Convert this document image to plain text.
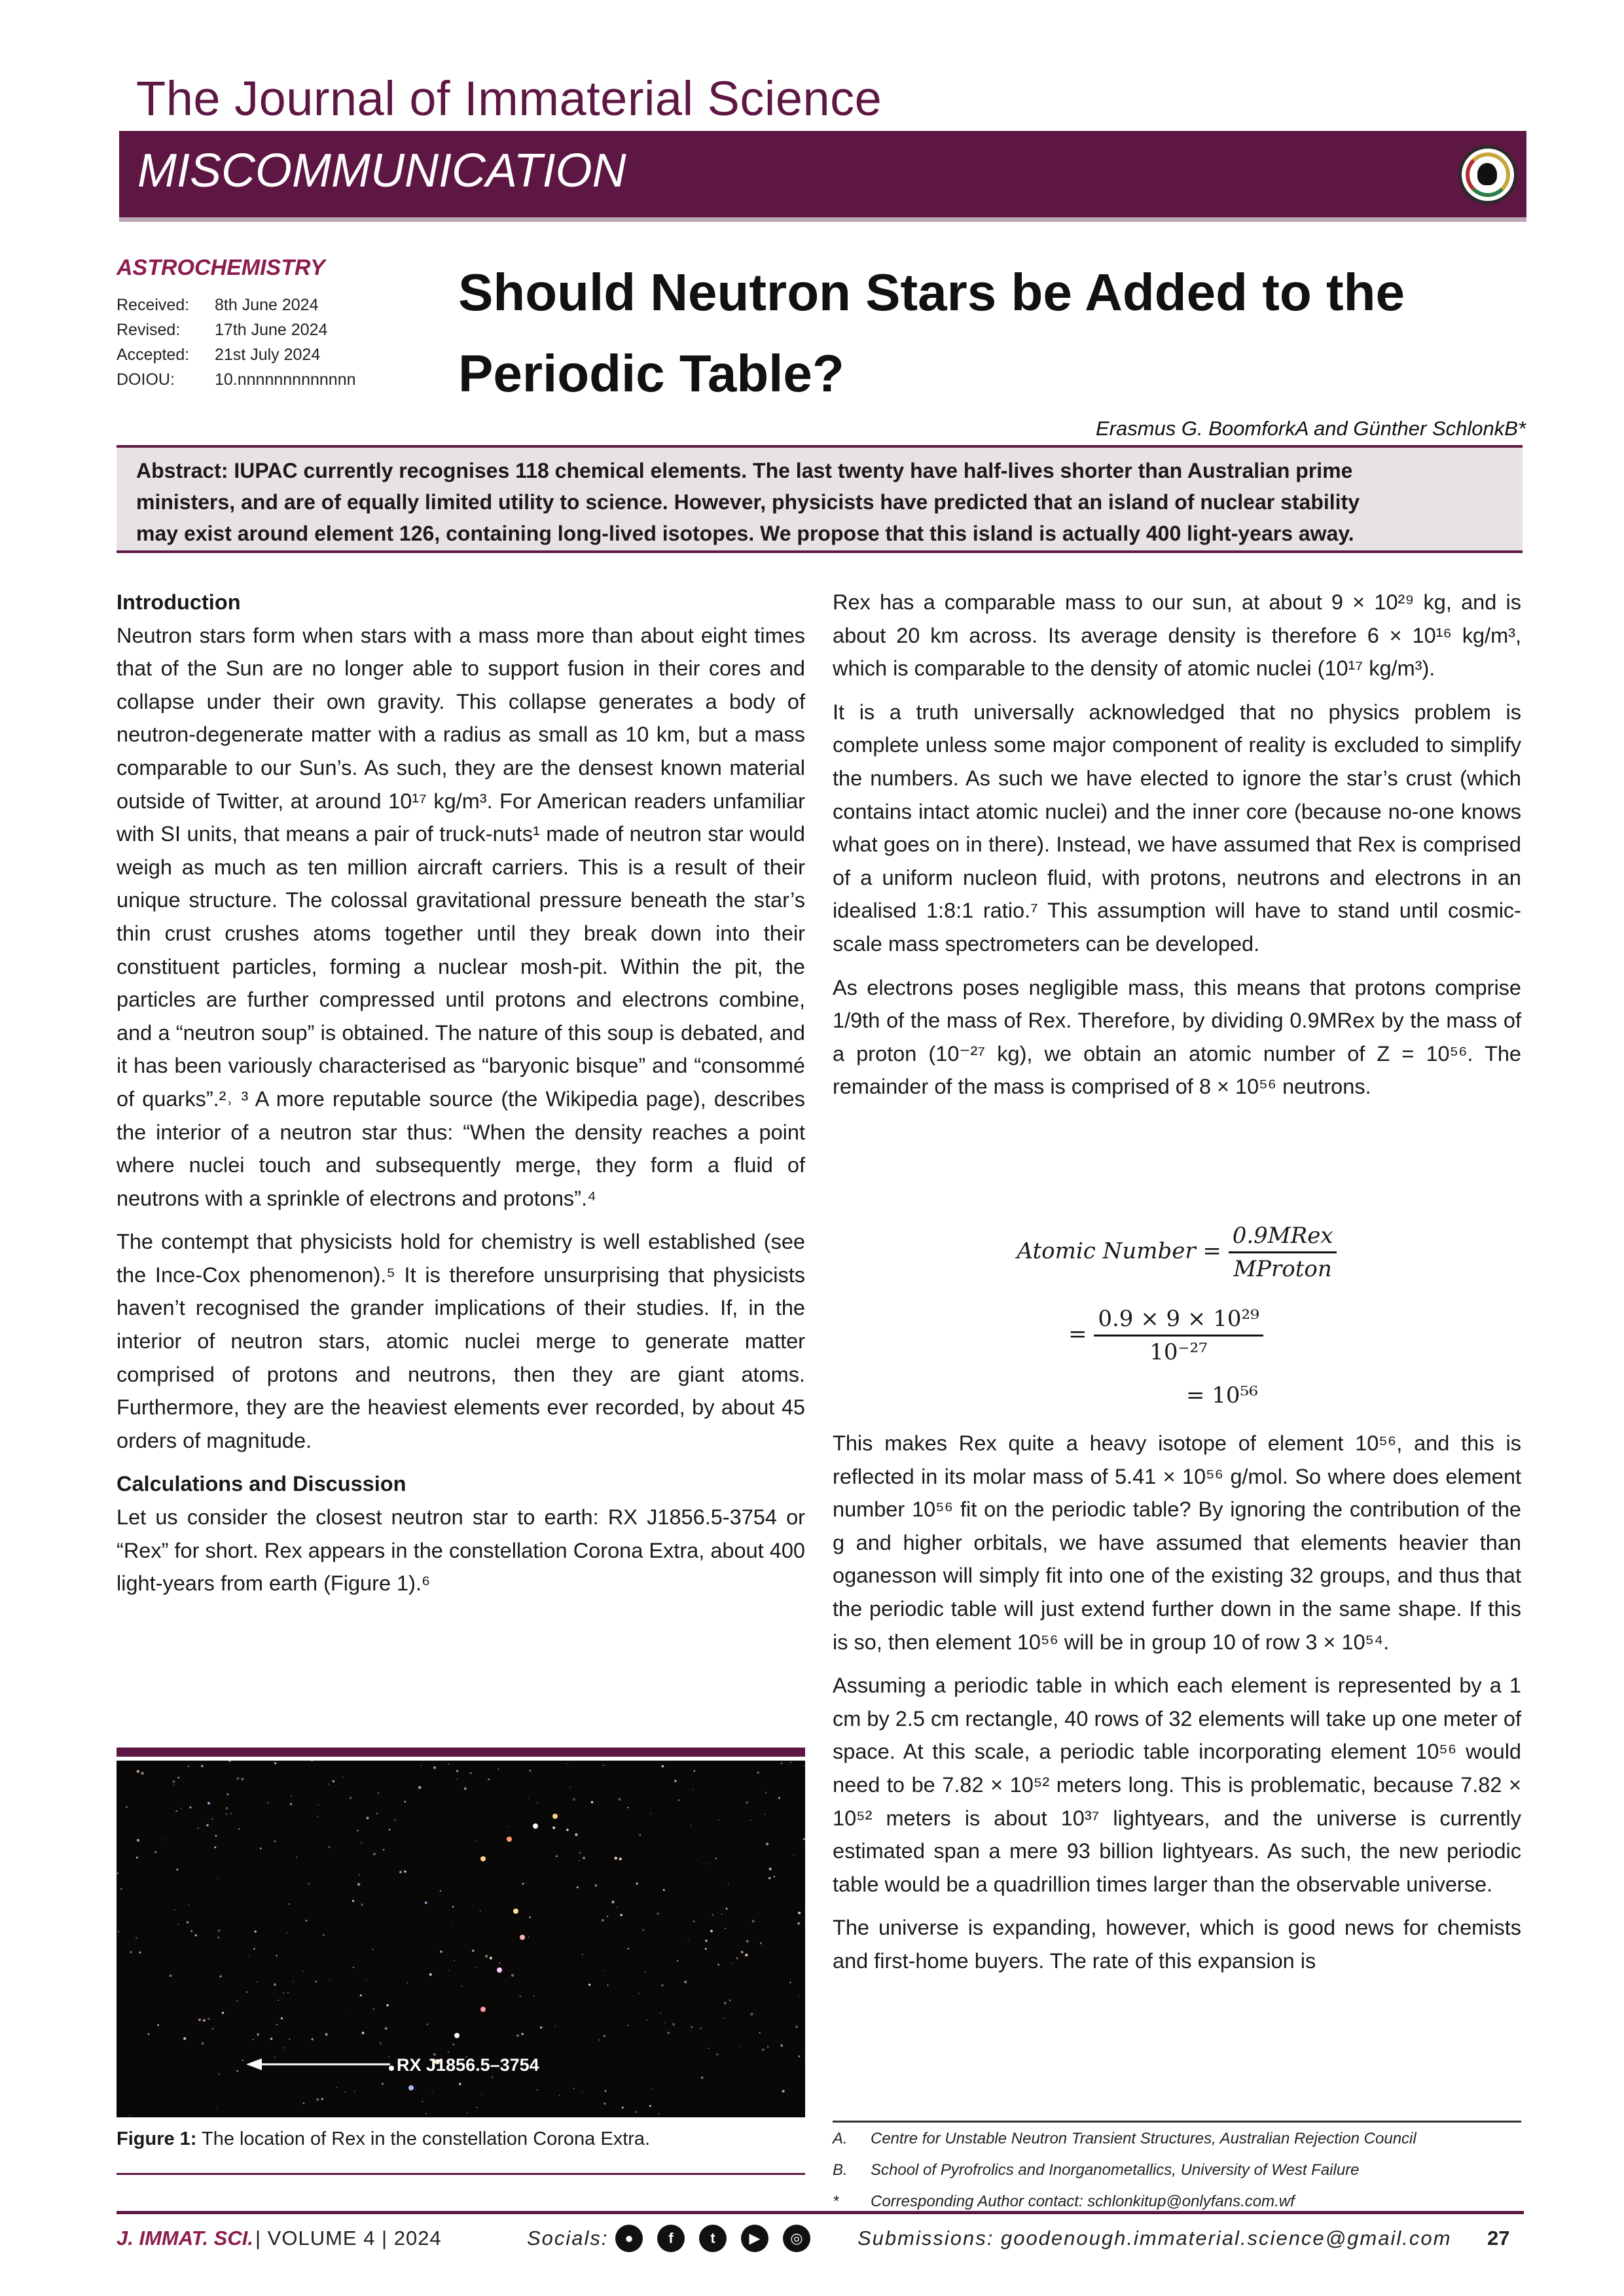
The Journal of Immaterial Science
MISCOMMUNICATION
ASTROCHEMISTRY
Received: 8th June 2024
Revised: 17th June 2024
Accepted: 21st July 2024
DOIOU: 10.nnnnnnnnnnnnn
Should Neutron Stars be Added to the Periodic Table?
Erasmus G. BoomforkA and Günther SchlonkB*
Abstract: IUPAC currently recognises 118 chemical elements. The last twenty have half-lives shorter than Australian prime
ministers, and are of equally limited utility to science. However, physicists have predicted that an island of nuclear stability
may exist around element 126, containing long-lived isotopes. We propose that this island is actually 400 light-years away.

Introduction

Neutron stars form when stars with a mass more than about eight times that of the Sun are no longer able to support fusion in their cores and collapse under their own gravity. This collapse generates a body of neutron-degenerate matter with a radius as small as 10 km, but a mass comparable to our Sun’s. As such, they are the densest known material outside of Twitter, at around 10¹⁷ kg/m³. For American readers unfamiliar with SI units, that means a pair of truck-nuts¹ made of neutron star would weigh as much as ten million aircraft carriers. This is a result of their unique structure. The colossal gravitational pressure beneath the star’s thin crust crushes atoms together until they break down into their constituent particles, forming a nuclear mosh-pit. Within the pit, the particles are further compressed until protons and electrons combine, and a “neutron soup” is obtained. The nature of this soup is debated, and it has been variously characterised as “baryonic bisque” and “consommé of quarks”.²˒ ³ A more reputable source (the Wikipedia page), describes the interior of a neutron star thus: “When the density reaches a point where nuclei touch and subsequently merge, they form a fluid of neutrons with a sprinkle of electrons and protons”.⁴

The contempt that physicists hold for chemistry is well established (see the Ince-Cox phenomenon).⁵ It is therefore unsurprising that physicists haven’t recognised the grander implications of their studies. If, in the interior of neutron stars, atomic nuclei merge to generate matter comprised of protons and neutrons, then they are giant atoms. Furthermore, they are the heaviest elements ever recorded, by about 45 orders of magnitude.

Calculations and Discussion

Let us consider the closest neutron star to earth: RX J1856.5-3754 or “Rex” for short. Rex appears in the constellation Corona Extra, about 400 light-years from earth (Figure 1).⁶

RX J1856.5–3754
Figure 1: The location of Rex in the constellation Corona Extra.

Rex has a comparable mass to our sun, at about 9 × 10²⁹ kg, and is about 20 km across. Its average density is therefore 6 × 10¹⁶ kg/m³, which is comparable to the density of atomic nuclei (10¹⁷ kg/m³).

It is a truth universally acknowledged that no physics problem is complete unless some major component of reality is excluded to simplify the numbers. As such we have elected to ignore the star’s crust (which contains intact atomic nuclei) and the inner core (because no-one knows what goes on in there). Instead, we have assumed that Rex is comprised of a uniform nucleon fluid, with protons, neutrons and electrons in an idealised 1:8:1 ratio.⁷ This assumption will have to stand until cosmic-scale mass spectrometers can be developed.

As electrons poses negligible mass, this means that protons comprise 1/9th of the mass of Rex. Therefore, by dividing 0.9MRex by the mass of a proton (10⁻²⁷ kg), we obtain an atomic number of Z = 10⁵⁶. The remainder of the mass is comprised of 8 × 10⁵⁶ neutrons.

Atomic Number = $\frac{\text{0.9MRex}}{\text{MProton}}$
= $\frac{\text{0.9 × 9 × 10²⁹}}{\text{10⁻²⁷}}$
= 10⁵⁶

This makes Rex quite a heavy isotope of element 10⁵⁶, and this is reflected in its molar mass of 5.41 × 10⁵⁶ g/mol. So where does element number 10⁵⁶ fit on the periodic table? By ignoring the contribution of the g and higher orbitals, we have assumed that elements heavier than oganesson will simply fit into one of the existing 32 groups, and thus that the periodic table will just extend further down in the same shape. If this is so, then element 10⁵⁶ will be in group 10 of row 3 × 10⁵⁴.

Assuming a periodic table in which each element is represented by a 1 cm by 2.5 cm rectangle, 40 rows of 32 elements will take up one meter of space. At this scale, a periodic table incorporating element 10⁵⁶ would need to be 7.82 × 10⁵² meters long. This is problematic, because 7.82 × 10⁵² meters is about 10³⁷ lightyears, and the universe is currently estimated span a mere 93 billion lightyears. As such, the new periodic table would be a quadrillion times larger than the observable universe.

The universe is expanding, however, which is good news for chemists and first-home buyers. The rate of this expansion is

A. Centre for Unstable Neutron Transient Structures, Australian Rejection Council
B. School of Pyrofrolics and Inorganometallics, University of West Failure
* Corresponding Author contact: schlonkitup@onlyfans.com.wf
J. IMMAT. SCI. | VOLUME 4 | 2024	Socials:	●	f	t	▶	◎	Submissions: goodenough.immaterial.science@gmail.com 27
